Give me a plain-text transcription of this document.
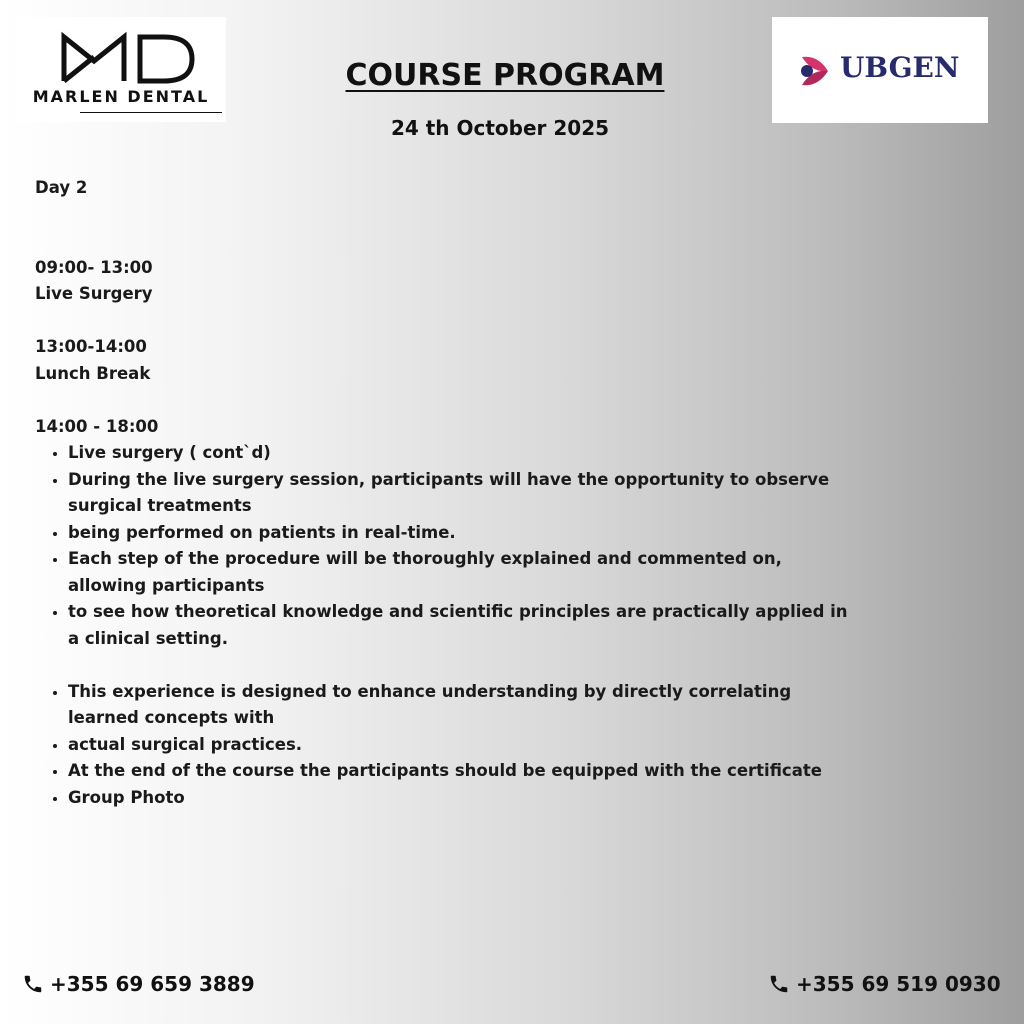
MARLEN DENTAL
UBGEN
COURSE PROGRAM
24 th October 2025

Day 2

09:00- 13:00

Live Surgery

13:00-14:00

Lunch Break

14:00 - 18:00

• Live surgery ( cont`d)
• During the live surgery session, participants will have the opportunity to observe surgical treatments
• being performed on patients in real-time.
• Each step of the procedure will be thoroughly explained and commented on, allowing participants
• to see how theoretical knowledge and scientific principles are practically applied in a clinical setting.
• This experience is designed to enhance understanding by directly correlating learned concepts with
• actual surgical practices.
• At the end of the course the participants should be equipped with the certificate
• Group Photo
+355 69 659 3889	+355 69 519 0930
